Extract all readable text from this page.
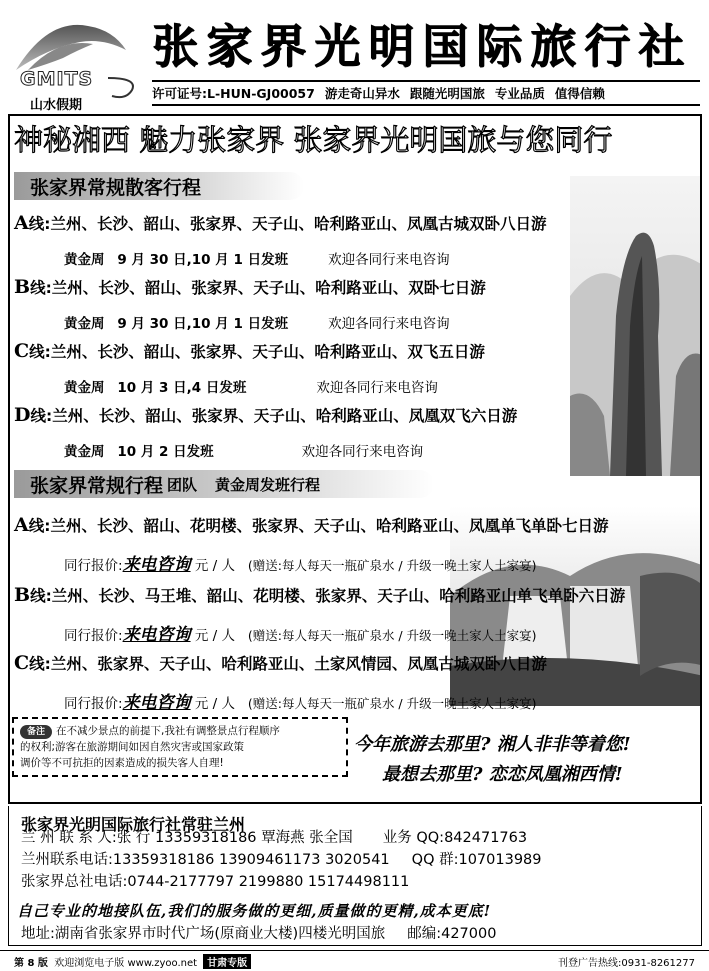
GMITS
山水假期
张家界光明国际旅行社
许可证号:L-HUN-GJ00057 游走奇山异水 跟随光明国旅 专业品质 值得信赖
神秘湘西 魅力张家界 张家界光明国旅与您同行
张家界常规散客行程
A线:兰州、长沙、韶山、张家界、天子山、哈利路亚山、凤凰古城双卧八日游
黄金周 9 月 30 日,10 月 1 日发班	欢迎各同行来电咨询
B线:兰州、长沙、韶山、张家界、天子山、哈利路亚山、双卧七日游
黄金周 9 月 30 日,10 月 1 日发班	欢迎各同行来电咨询
C线:兰州、长沙、韶山、张家界、天子山、哈利路亚山、双飞五日游
黄金周 10 月 3 日,4 日发班	欢迎各同行来电咨询
D线:兰州、长沙、韶山、张家界、天子山、哈利路亚山、凤凰双飞六日游
黄金周 10 月 2 日发班	欢迎各同行来电咨询
张家界常规行程 团队 黄金周发班行程
A线:兰州、长沙、韶山、花明楼、张家界、天子山、哈利路亚山、凤凰单飞单卧七日游
同行报价:来电咨询 元 / 人 (赠送:每人每天一瓶矿泉水 / 升级一晚土家人土家宴)
B线:兰州、长沙、马王堆、韶山、花明楼、张家界、天子山、哈利路亚山单飞单卧六日游
同行报价:来电咨询 元 / 人 (赠送:每人每天一瓶矿泉水 / 升级一晚土家人土家宴)
C线:兰州、张家界、天子山、哈利路亚山、土家风情园、凤凰古城双卧八日游
同行报价:来电咨询 元 / 人 (赠送:每人每天一瓶矿泉水 / 升级一晚土家人土家宴)
备注 在不减少景点的前提下,我社有调整景点行程顺序
的权利;游客在旅游期间如因自然灾害或国家政策
调价等不可抗拒的因素造成的损失客人自理!
今年旅游去那里? 湘人非非等着您!
最想去那里? 恋恋凤凰湘西情!
张家界光明国际旅行社常驻兰州
兰 州 联 系 人:张 行 13359318186 覃海燕 张全国 业务 QQ:842471763
兰州联系电话:13359318186 13909461173 3020541 QQ 群:107013989
张家界总社电话:0744-2177797 2199880 15174498111
自己专业的地接队伍,我们的服务做的更细,质量做的更精,成本更底!
地址:湖南省张家界市时代广场(原商业大楼)四楼光明国旅 邮编:427000
第 8 版
欢迎浏览电子版 www.zyoo.net	甘肃专版	刊登广告热线:0931-8261277
